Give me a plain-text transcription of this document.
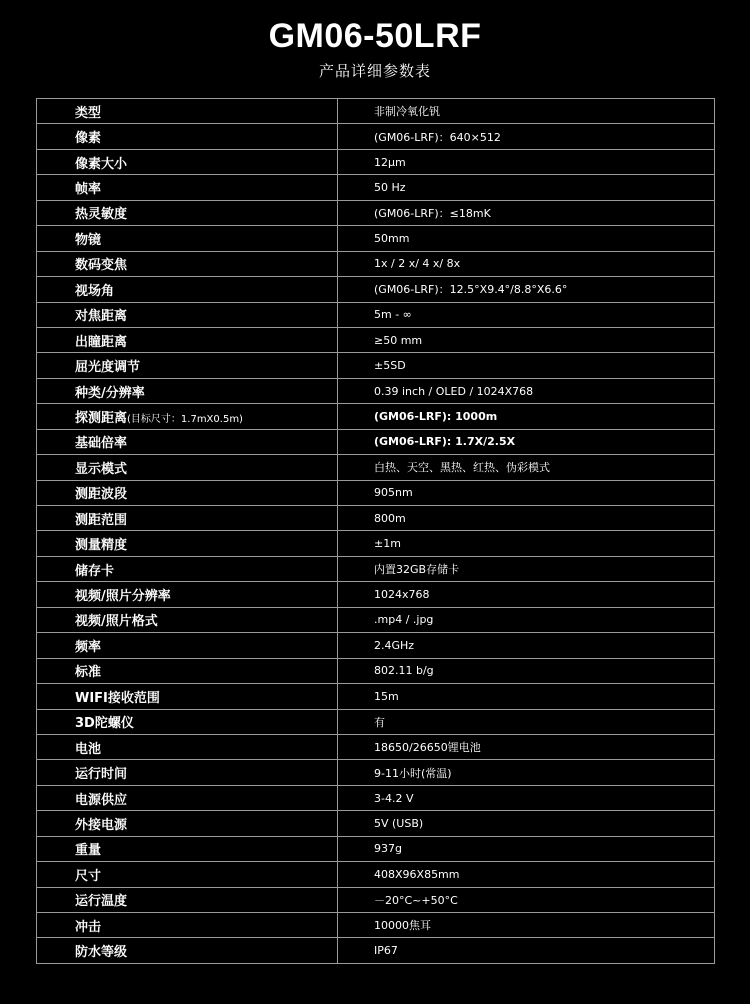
GM06-50LRF
产品详细参数表
类型	非制冷氧化钒
像素	(GM06-LRF)：640×512
像素大小	12μm
帧率	50 Hz
热灵敏度	(GM06-LRF)：≤18mK
物镜	50mm
数码变焦	1x / 2 x/ 4 x/ 8x
视场角	(GM06-LRF)：12.5°X9.4°/8.8°X6.6°
对焦距离	5m - ∞
出瞳距离	≥50 mm
屈光度调节	±5SD
种类/分辨率	0.39 inch / OLED / 1024X768
探测距离(目标尺寸：1.7mX0.5m)	(GM06-LRF): 1000m
基础倍率	(GM06-LRF): 1.7X/2.5X
显示模式	白热、天空、黑热、红热、伪彩模式
测距波段	905nm
测距范围	800m
测量精度	±1m
储存卡	内置32GB存储卡
视频/照片分辨率	1024x768
视频/照片格式	.mp4 / .jpg
频率	2.4GHz
标准	802.11 b/g
WIFI接收范围	15m
3D陀螺仪	有
电池	18650/26650锂电池
运行时间	9-11小时(常温)
电源供应	3-4.2 V
外接电源	5V (USB)
重量	937g
尺寸	408X96X85mm
运行温度	－20°C~+50°C
冲击	10000焦耳
防水等级	IP67
